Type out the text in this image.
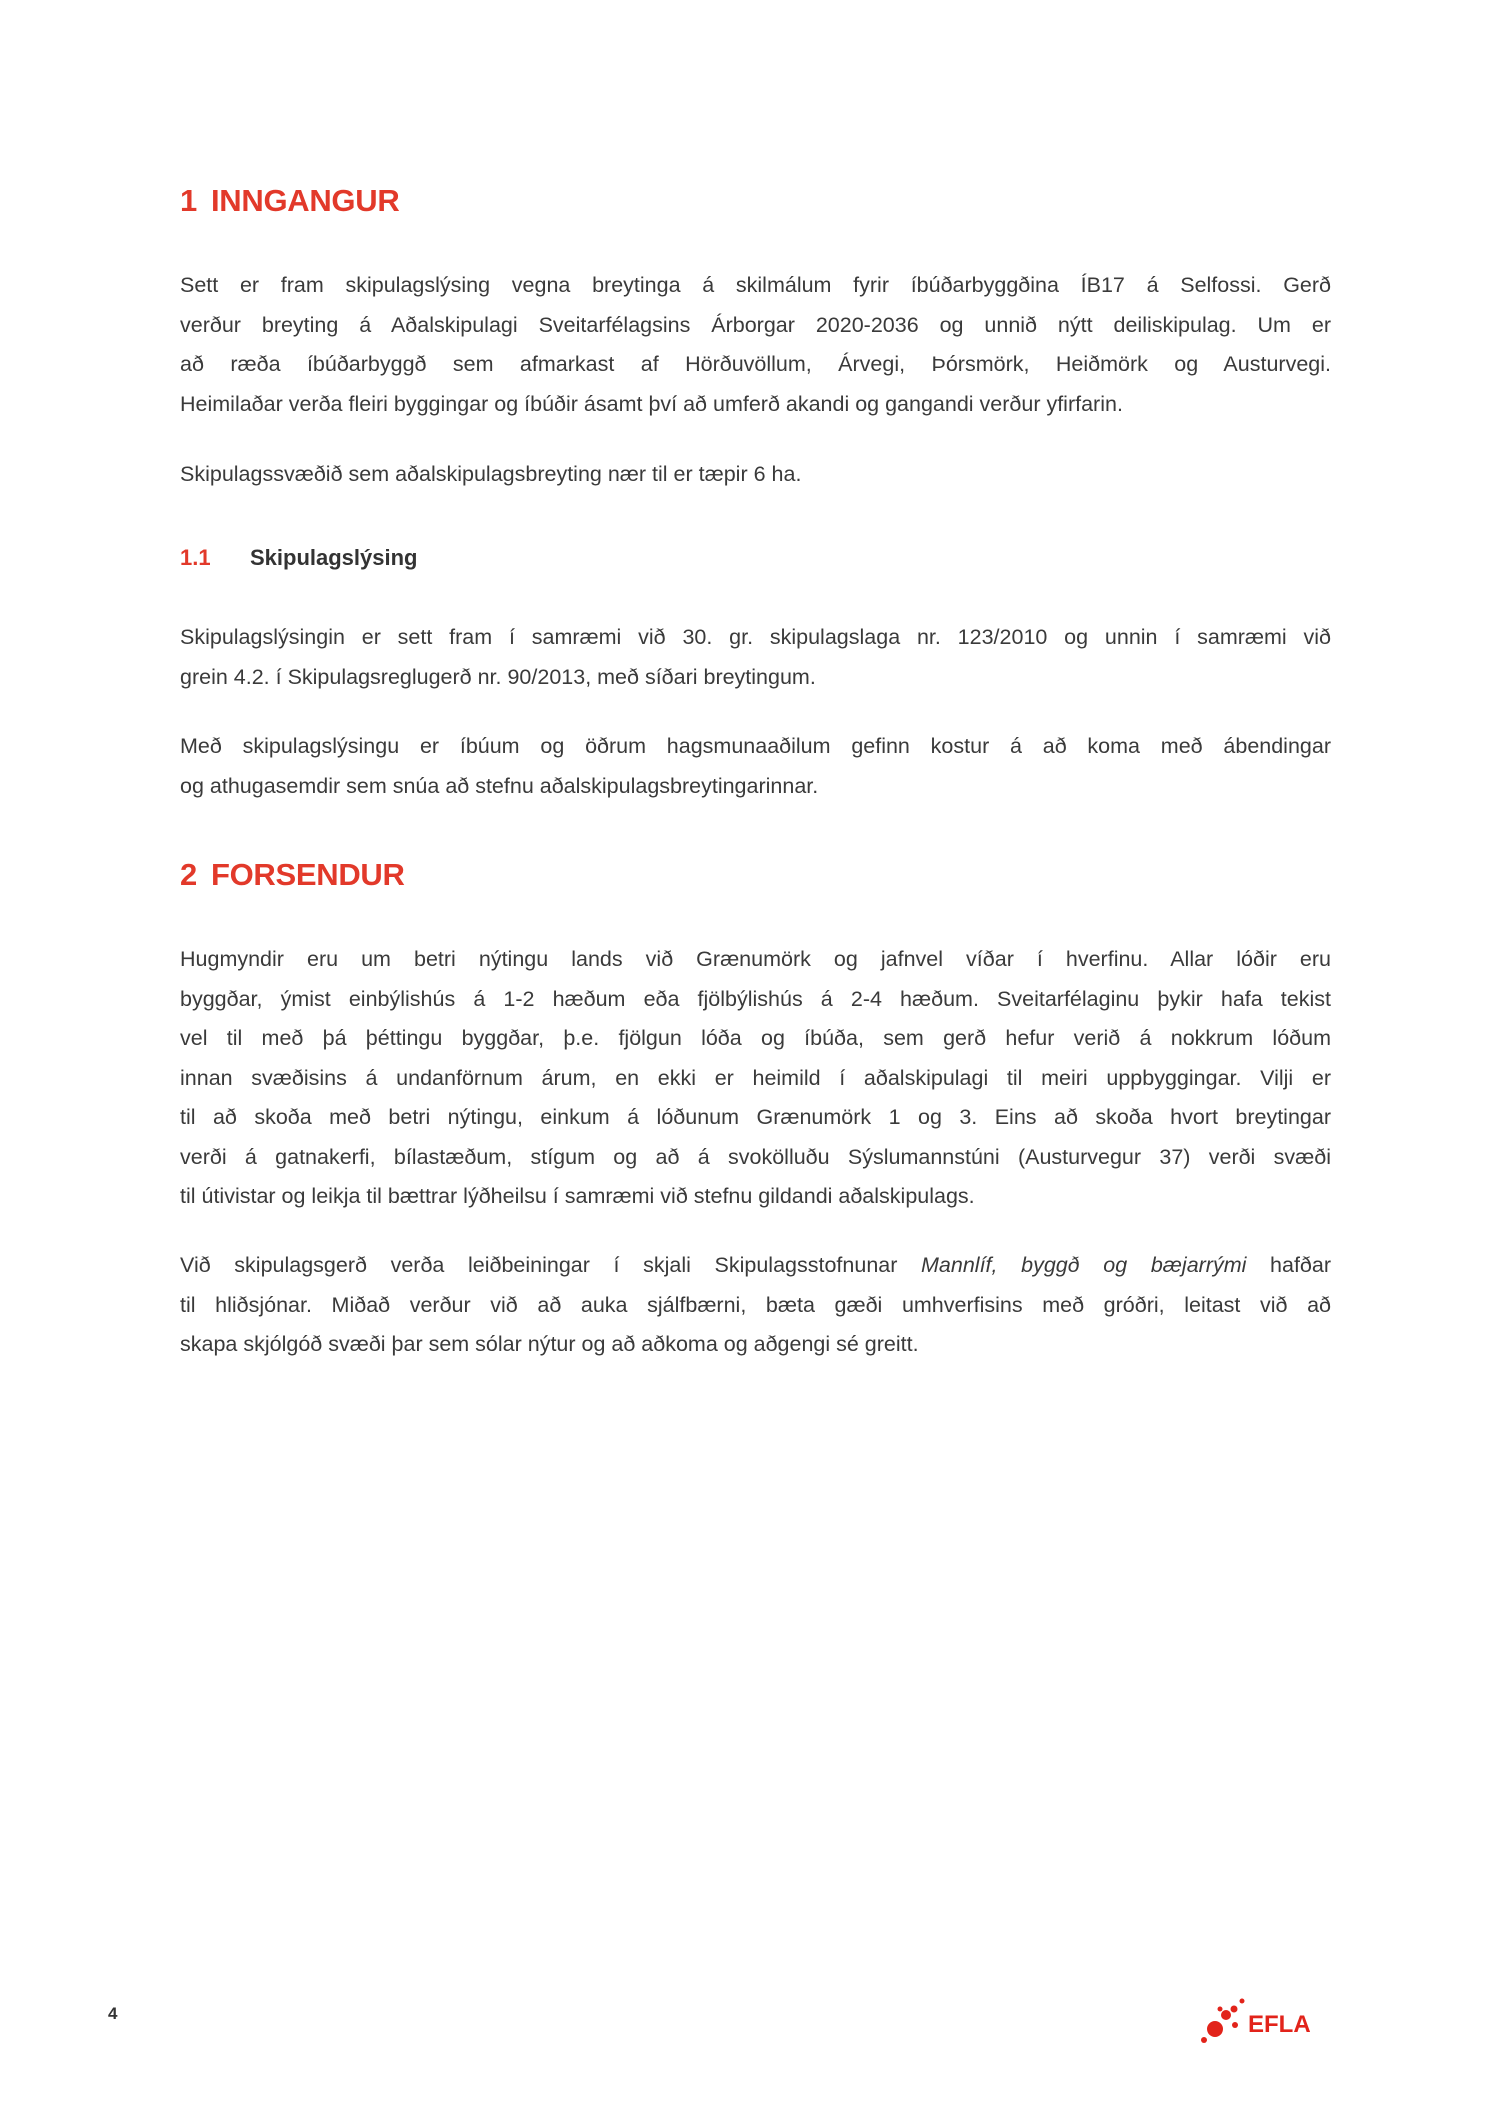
1 INNGANGUR
Sett er fram skipulagslýsing vegna breytinga á skilmálum fyrir íbúðarbyggðina ÍB17 á Selfossi. Gerð
verður breyting á Aðalskipulagi Sveitarfélagsins Árborgar 2020-2036 og unnið nýtt deiliskipulag. Um er
að ræða íbúðarbyggð sem afmarkast af Hörðuvöllum, Árvegi, Þórsmörk, Heiðmörk og Austurvegi.
Heimilaðar verða fleiri byggingar og íbúðir ásamt því að umferð akandi og gangandi verður yfirfarin.
Skipulagssvæðið sem aðalskipulagsbreyting nær til er tæpir 6 ha.
1.1 Skipulagslýsing
Skipulagslýsingin er sett fram í samræmi við 30. gr. skipulagslaga nr. 123/2010 og unnin í samræmi við
grein 4.2. í Skipulagsreglugerð nr. 90/2013, með síðari breytingum.
Með skipulagslýsingu er íbúum og öðrum hagsmunaaðilum gefinn kostur á að koma með ábendingar
og athugasemdir sem snúa að stefnu aðalskipulagsbreytingarinnar.
2 FORSENDUR
Hugmyndir eru um betri nýtingu lands við Grænumörk og jafnvel víðar í hverfinu. Allar lóðir eru
byggðar, ýmist einbýlishús á 1-2 hæðum eða fjölbýlishús á 2-4 hæðum. Sveitarfélaginu þykir hafa tekist
vel til með þá þéttingu byggðar, þ.e. fjölgun lóða og íbúða, sem gerð hefur verið á nokkrum lóðum
innan svæðisins á undanförnum árum, en ekki er heimild í aðalskipulagi til meiri uppbyggingar. Vilji er
til að skoða með betri nýtingu, einkum á lóðunum Grænumörk 1 og 3. Eins að skoða hvort breytingar
verði á gatnakerfi, bílastæðum, stígum og að á svokölluðu Sýslumannstúni (Austurvegur 37) verði svæði
til útivistar og leikja til bættrar lýðheilsu í samræmi við stefnu gildandi aðalskipulags.
Við skipulagsgerð verða leiðbeiningar í skjali Skipulagsstofnunar Mannlíf, byggð og bæjarrými hafðar
til hliðsjónar. Miðað verður við að auka sjálfbærni, bæta gæði umhverfisins með gróðri, leitast við að
skapa skjólgóð svæði þar sem sólar nýtur og að aðkoma og aðgengi sé greitt.
4	EFLA
